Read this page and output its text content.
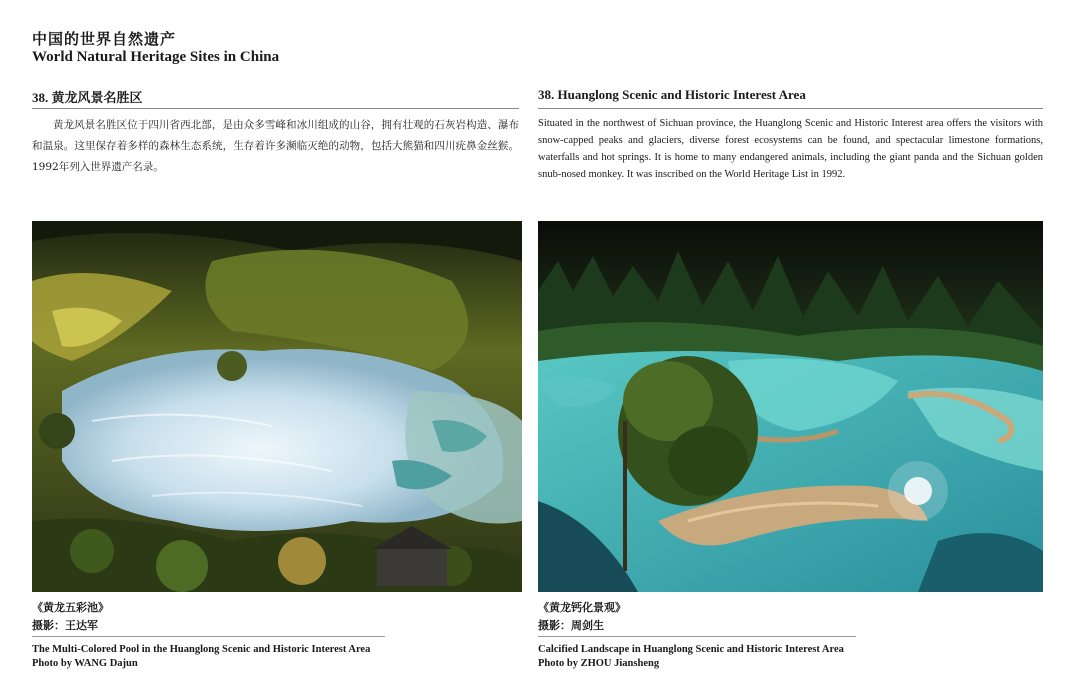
中国的世界自然遗产
World Natural Heritage Sites in China
38. 黄龙风景名胜区
黄龙风景名胜区位于四川省西北部，是由众多雪峰和冰川组成的山谷，拥有壮观的石灰岩构造、瀑布和温泉。这里保存着多样的森林生态系统，生存着许多濒临灭绝的动物，包括大熊猫和四川疣鼻金丝猴。1992年列入世界遗产名录。
38. Huanglong Scenic and Historic Interest Area
Situated in the northwest of Sichuan province, the Huanglong Scenic and Historic Interest area offers the visitors with snow-capped peaks and glaciers, diverse forest ecosystems can be found, and spectacular limestone formations, waterfalls and hot springs. It is home to many endangered animals, including the giant panda and the Sichuan golden snub-nosed monkey. It was inscribed on the World Heritage List in 1992.
《黄龙五彩池》
摄影：王达军
The Multi-Colored Pool in the Huanglong Scenic and Historic Interest Area
Photo by WANG Dajun
《黄龙钙化景观》
摄影：周剑生
Calcified Landscape in Huanglong Scenic and Historic Interest Area
Photo by ZHOU Jiansheng
